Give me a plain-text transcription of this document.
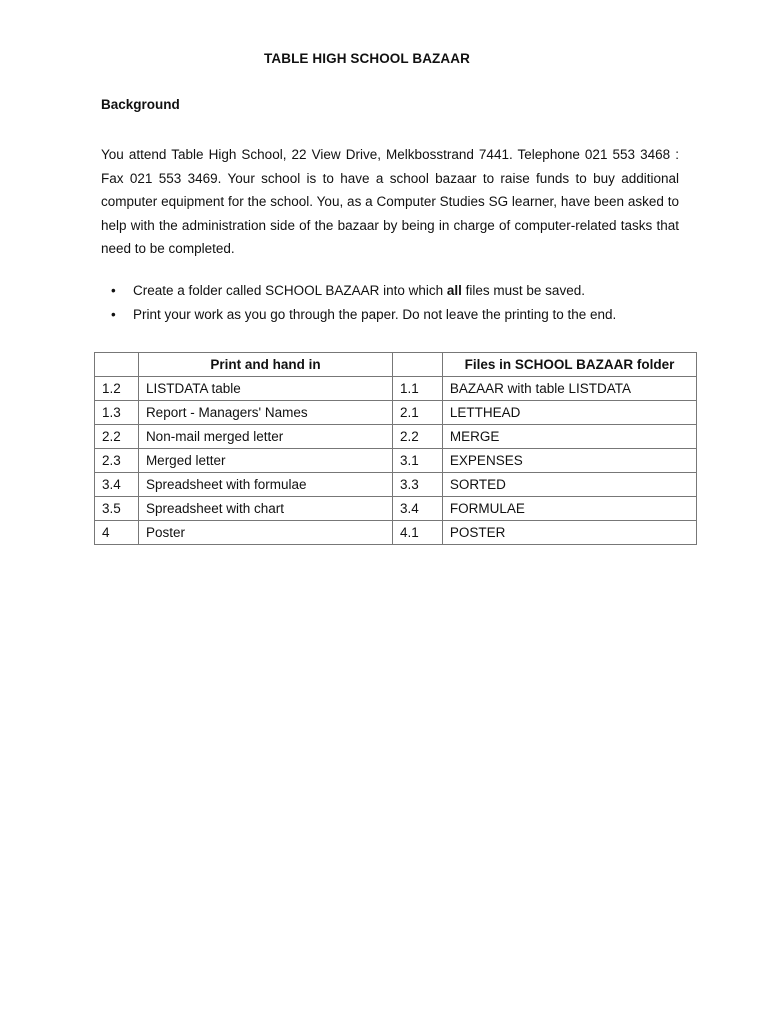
TABLE HIGH SCHOOL BAZAAR
Background

You attend Table High School, 22 View Drive, Melkbosstrand 7441. Telephone 021 553 3468 : Fax 021 553 3469. Your school is to have a school bazaar to raise funds to buy additional computer equipment for the school. You, as a Computer Studies SG learner, have been asked to help with the administration side of the bazaar by being in charge of computer-related tasks that need to be completed.

• Create a folder called SCHOOL BAZAAR into which all files must be saved.
• Print your work as you go through the paper. Do not leave the printing to the end.
	Print and hand in		Files in SCHOOL BAZAAR folder
1.2	LISTDATA table	1.1	BAZAAR with table LISTDATA
1.3	Report - Managers' Names	2.1	LETTHEAD
2.2	Non-mail merged letter	2.2	MERGE
2.3	Merged letter	3.1	EXPENSES
3.4	Spreadsheet with formulae	3.3	SORTED
3.5	Spreadsheet with chart	3.4	FORMULAE
4	Poster	4.1	POSTER
